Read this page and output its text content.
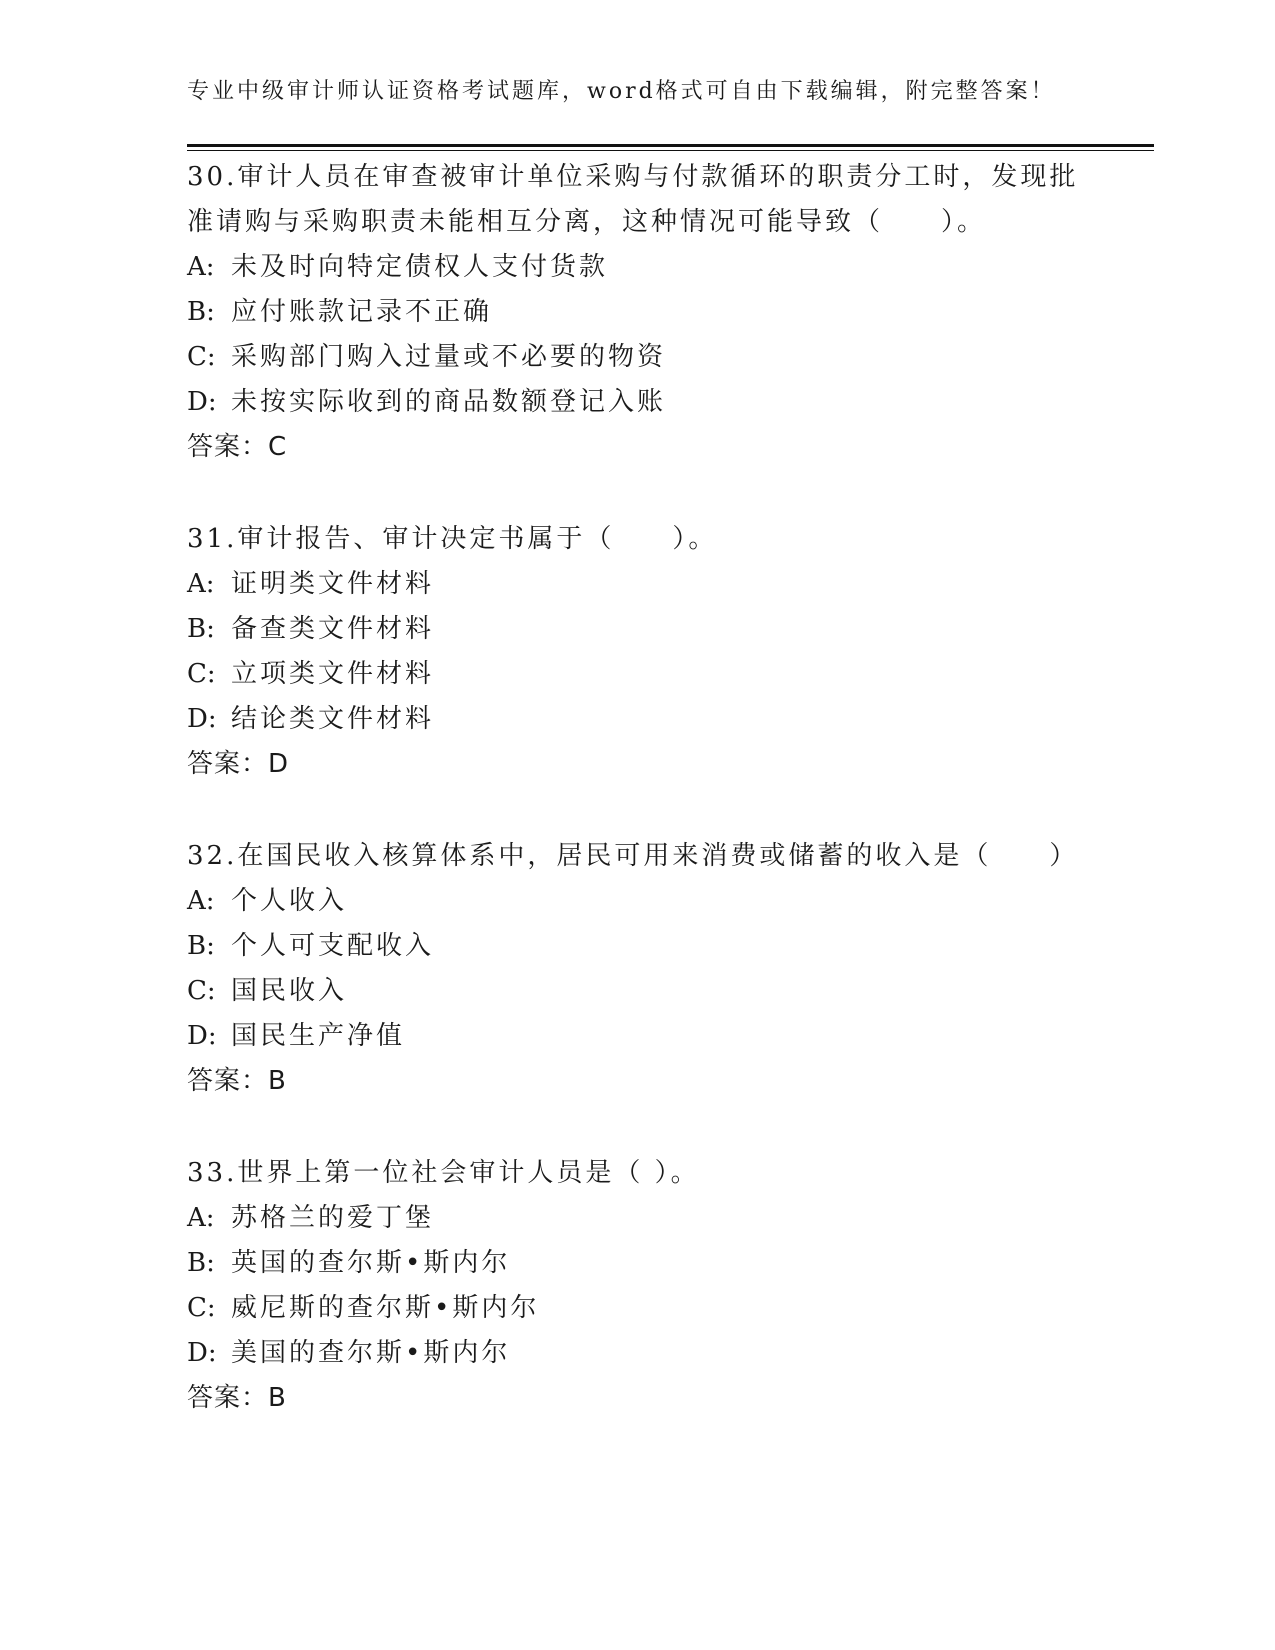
专业中级审计师认证资格考试题库，word格式可自由下载编辑，附完整答案！

30.审计人员在审查被审计单位采购与付款循环的职责分工时，发现批准请购与采购职责未能相互分离，这种情况可能导致（　　）。

A: 未及时向特定债权人支付货款

B: 应付账款记录不正确

C: 采购部门购入过量或不必要的物资

D: 未按实际收到的商品数额登记入账

答案：C

31.审计报告、审计决定书属于（　　）。

A: 证明类文件材料

B: 备查类文件材料

C: 立项类文件材料

D: 结论类文件材料

答案：D

32.在国民收入核算体系中，居民可用来消费或储蓄的收入是（　　）

A: 个人收入

B: 个人可支配收入

C: 国民收入

D: 国民生产净值

答案：B

33.世界上第一位社会审计人员是（ ）。

A: 苏格兰的爱丁堡

B: 英国的查尔斯•斯内尔

C: 威尼斯的查尔斯•斯内尔

D: 美国的查尔斯•斯内尔

答案：B
